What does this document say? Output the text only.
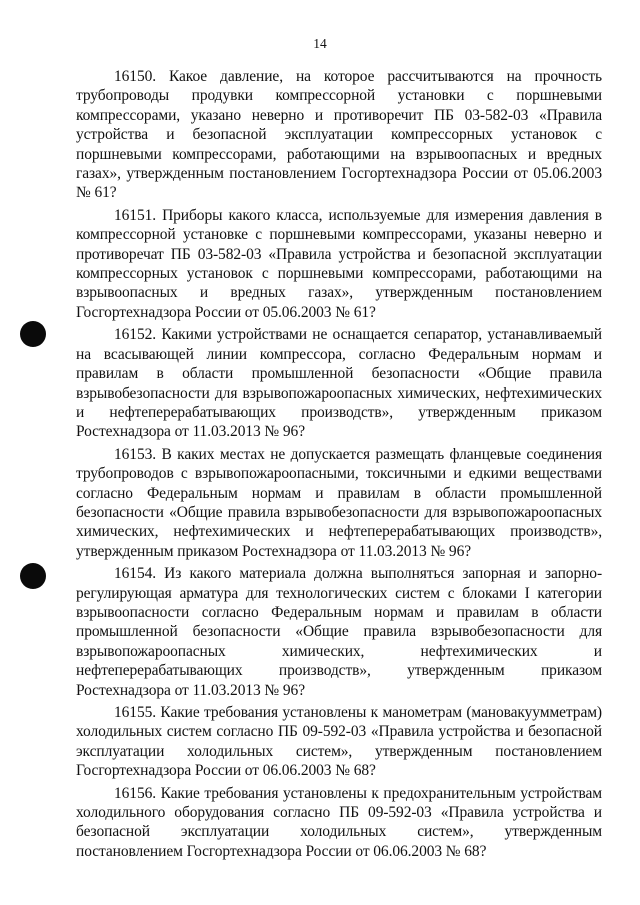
14

16150. Какое давление, на которое рассчитываются на прочность трубопроводы продувки компрессорной установки с поршневыми компрессорами, указано неверно и противоречит ПБ 03-582-03 «Правила устройства и безопасной эксплуатации компрессорных установок с поршневыми компрессорами, работающими на взрывоопасных и вредных газах», утвержденным постановлением Госгортехнадзора России от 05.06.2003 № 61?

16151. Приборы какого класса, используемые для измерения давления в компрессорной установке с поршневыми компрессорами, указаны неверно и противоречат ПБ 03-582-03 «Правила устройства и безопасной эксплуатации компрессорных установок с поршневыми компрессорами, работающими на взрывоопасных и вредных газах», утвержденным постановлением Госгортехнадзора России от 05.06.2003 № 61?

16152. Какими устройствами не оснащается сепаратор, устанавливаемый на всасывающей линии компрессора, согласно Федеральным нормам и правилам в области промышленной безопасности «Общие правила взрывобезопасности для взрывопожароопасных химических, нефтехимических и нефтеперерабатывающих производств», утвержденным приказом Ростехнадзора от 11.03.2013 № 96?

16153. В каких местах не допускается размещать фланцевые соединения трубопроводов с взрывопожароопасными, токсичными и едкими веществами согласно Федеральным нормам и правилам в области промышленной безопасности «Общие правила взрывобезопасности для взрывопожароопасных химических, нефтехимических и нефтеперерабатывающих производств», утвержденным приказом Ростехнадзора от 11.03.2013 № 96?

16154. Из какого материала должна выполняться запорная и запорно-регулирующая арматура для технологических систем с блоками I категории взрывоопасности согласно Федеральным нормам и правилам в области промышленной безопасности «Общие правила взрывобезопасности для взрывопожароопасных химических, нефтехимических и нефтеперерабатывающих производств», утвержденным приказом Ростехнадзора от 11.03.2013 № 96?

16155. Какие требования установлены к манометрам (мановакуумметрам) холодильных систем согласно ПБ 09-592-03 «Правила устройства и безопасной эксплуатации холодильных систем», утвержденным постановлением Госгортехнадзора России от 06.06.2003 № 68?

16156. Какие требования установлены к предохранительным устройствам холодильного оборудования согласно ПБ 09-592-03 «Правила устройства и безопасной эксплуатации холодильных систем», утвержденным постановлением Госгортехнадзора России от 06.06.2003 № 68?
